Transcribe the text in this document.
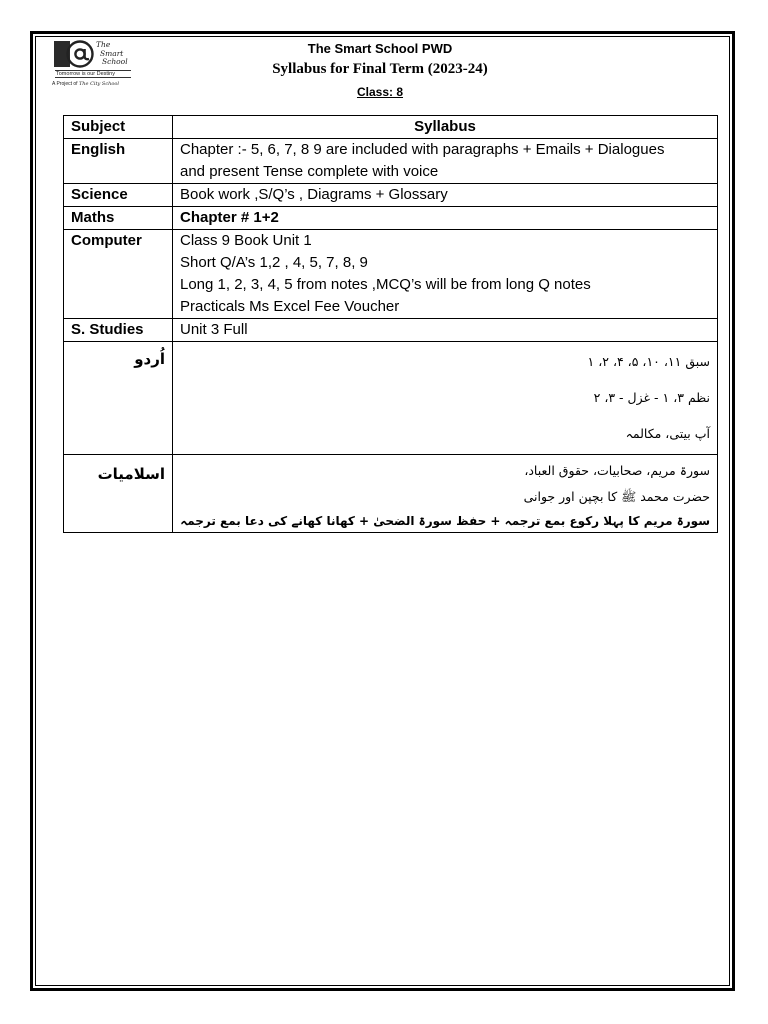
The
Smart
School
Tomorrow is our Destiny
A Project of The City School
The Smart School PWD
Syllabus for Final Term (2023-24)
Class: 8
Subject	Syllabus
English	Chapter :- 5, 6, 7, 8 9 are included with paragraphs + Emails + Dialogues
and present Tense complete with voice

Science	Book work ,S/Q’s , Diagrams + Glossary

Maths	Chapter # 1+2

Computer	Class 9 Book Unit 1
Short Q/A’s 1,2 , 4, 5, 7, 8, 9
Long 1, 2, 3, 4, 5 from notes ,MCQ’s will be from long Q notes
Practicals Ms Excel Fee Voucher

S. Studies	Unit 3 Full

اُردو	سبق ۱۱، ۱۰، ۵، ۴، ۲، ۱
نظم ۳، ۱ - غزل - ۳، ۲
آپ بیتی، مکالمہ

اسلامیات	سورۃ مریم، صحابیات، حقوق العباد،
حضرت محمد ﷺ کا بچپن اور جوانی
سورۃ مریم کا پہلا رکوع بمع ترجمہ + حفظ سورۃ الضحیٰ + کھانا کھانے کی دعا بمع ترجمہ
